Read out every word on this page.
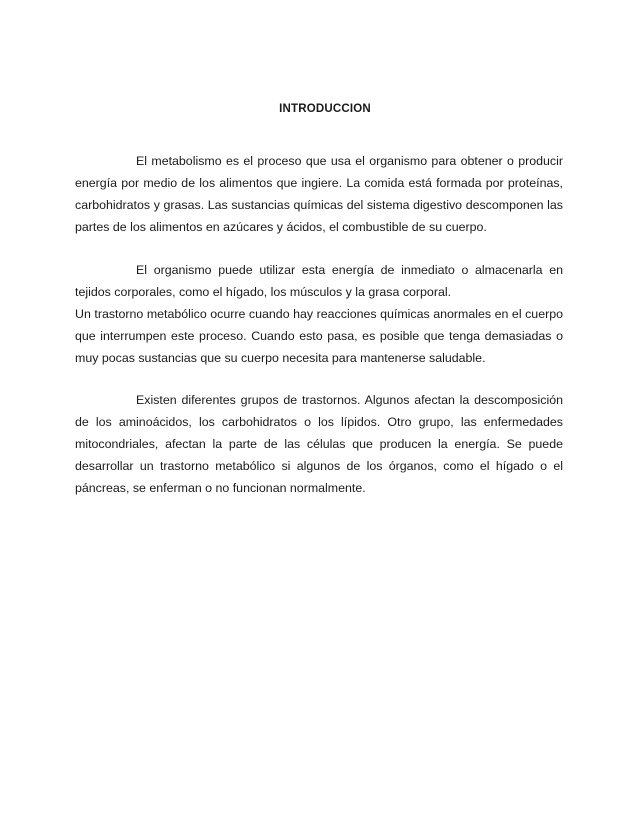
INTRODUCCION

El metabolismo es el proceso que usa el organismo para obtener o producir energía por medio de los alimentos que ingiere. La comida está formada por proteínas, carbohidratos y grasas. Las sustancias químicas del sistema digestivo descomponen las partes de los alimentos en azúcares y ácidos, el combustible de su cuerpo.

El organismo puede utilizar esta energía de inmediato o almacenarla en tejidos corporales, como el hígado, los músculos y la grasa corporal.

Un trastorno metabólico ocurre cuando hay reacciones químicas anormales en el cuerpo que interrumpen este proceso. Cuando esto pasa, es posible que tenga demasiadas o muy pocas sustancias que su cuerpo necesita para mantenerse saludable.

Existen diferentes grupos de trastornos. Algunos afectan la descomposición de los aminoácidos, los carbohidratos o los lípidos. Otro grupo, las enfermedades mitocondriales, afectan la parte de las células que producen la energía. Se puede desarrollar un trastorno metabólico si algunos de los órganos, como el hígado o el páncreas, se enferman o no funcionan normalmente.
